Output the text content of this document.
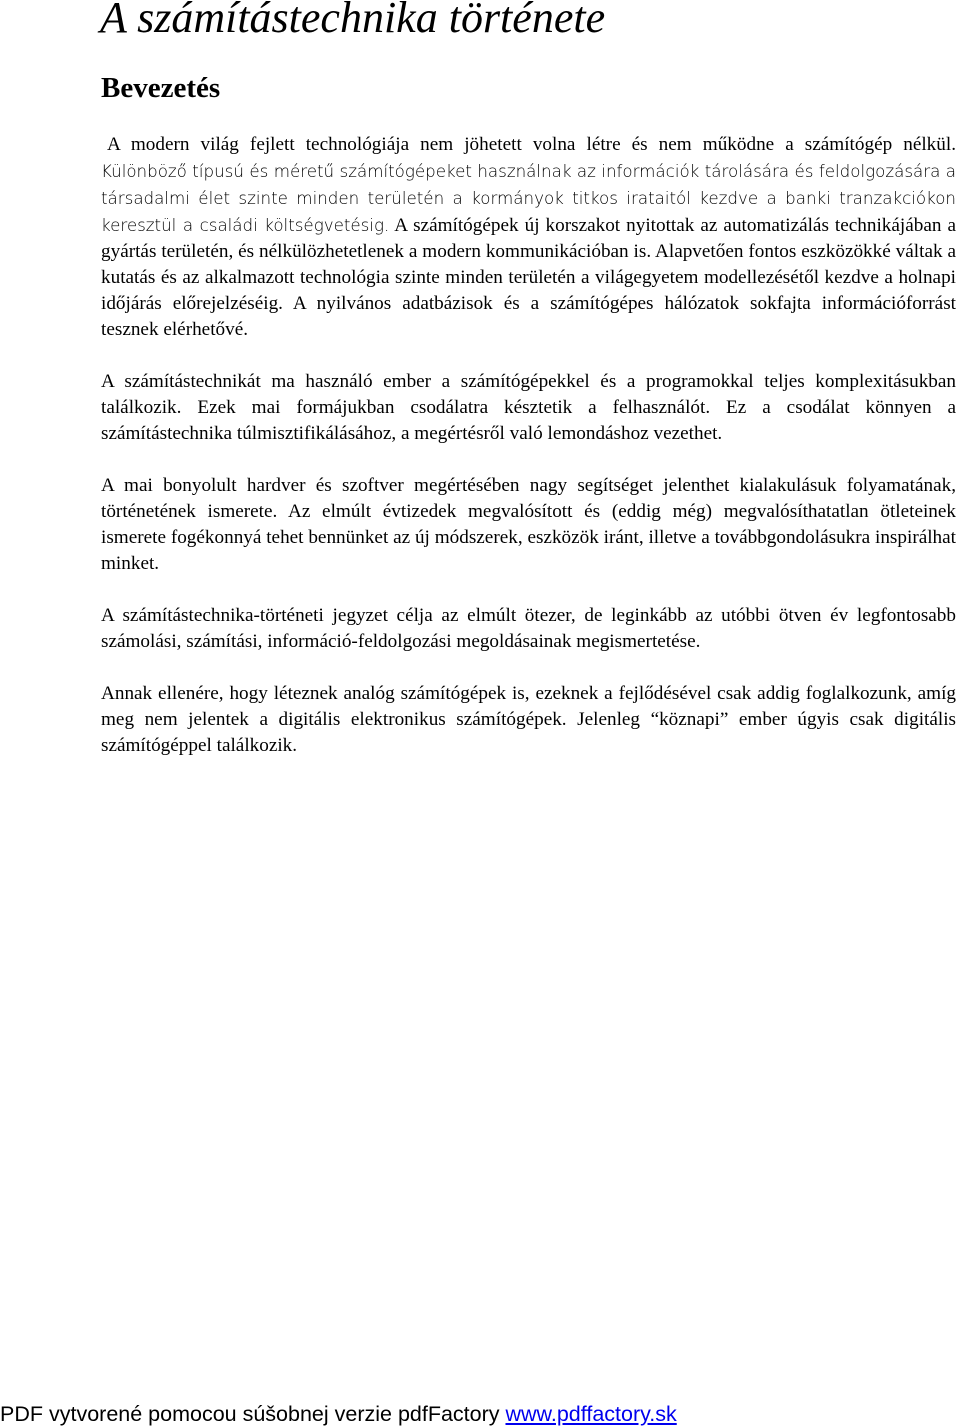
A számítástechnika története
Bevezetés

A modern világ fejlett technológiája nem jöhetett volna létre és nem működne a számítógép nélkül. Különböző típusú és méretű számítógépeket használnak az információk tárolására és feldolgozására a társadalmi élet szinte minden területén a kormányok titkos irataitól kezdve a banki tranzakciókon keresztül a családi költségvetésig. A számítógépek új korszakot nyitottak az automatizálás technikájában a gyártás területén, és nélkülözhetetlenek a modern kommunikációban is. Alapvetően fontos eszközökké váltak a kutatás és az alkalmazott technológia szinte minden területén a világegyetem modellezésétől kezdve a holnapi időjárás előrejelzéséig. A nyilvános adatbázisok és a számítógépes hálózatok sokfajta információforrást tesznek elérhetővé.

A számítástechnikát ma használó ember a számítógépekkel és a programokkal teljes komplexitásukban találkozik. Ezek mai formájukban csodálatra késztetik a felhasználót. Ez a csodálat könnyen a számítástechnika túlmisztifikálásához, a megértésről való lemondáshoz vezethet.

A mai bonyolult hardver és szoftver megértésében nagy segítséget jelenthet kialakulásuk folyamatának, történetének ismerete. Az elmúlt évtizedek megvalósított és (eddig még) megvalósíthatatlan ötleteinek ismerete fogékonnyá tehet bennünket az új módszerek, eszközök iránt, illetve a továbbgondolásukra inspirálhat minket.

A számítástechnika-történeti jegyzet célja az elmúlt ötezer, de leginkább az utóbbi ötven év legfontosabb számolási, számítási, információ-feldolgozási megoldásainak megismertetése.

Annak ellenére, hogy léteznek analóg számítógépek is, ezeknek a fejlődésével csak addig foglalkozunk, amíg meg nem jelentek a digitális elektronikus számítógépek. Jelenleg “köznapi” ember úgyis csak digitális számítógéppel találkozik.

PDF vytvorené pomocou súšobnej verzie pdfFactory www.pdffactory.sk
